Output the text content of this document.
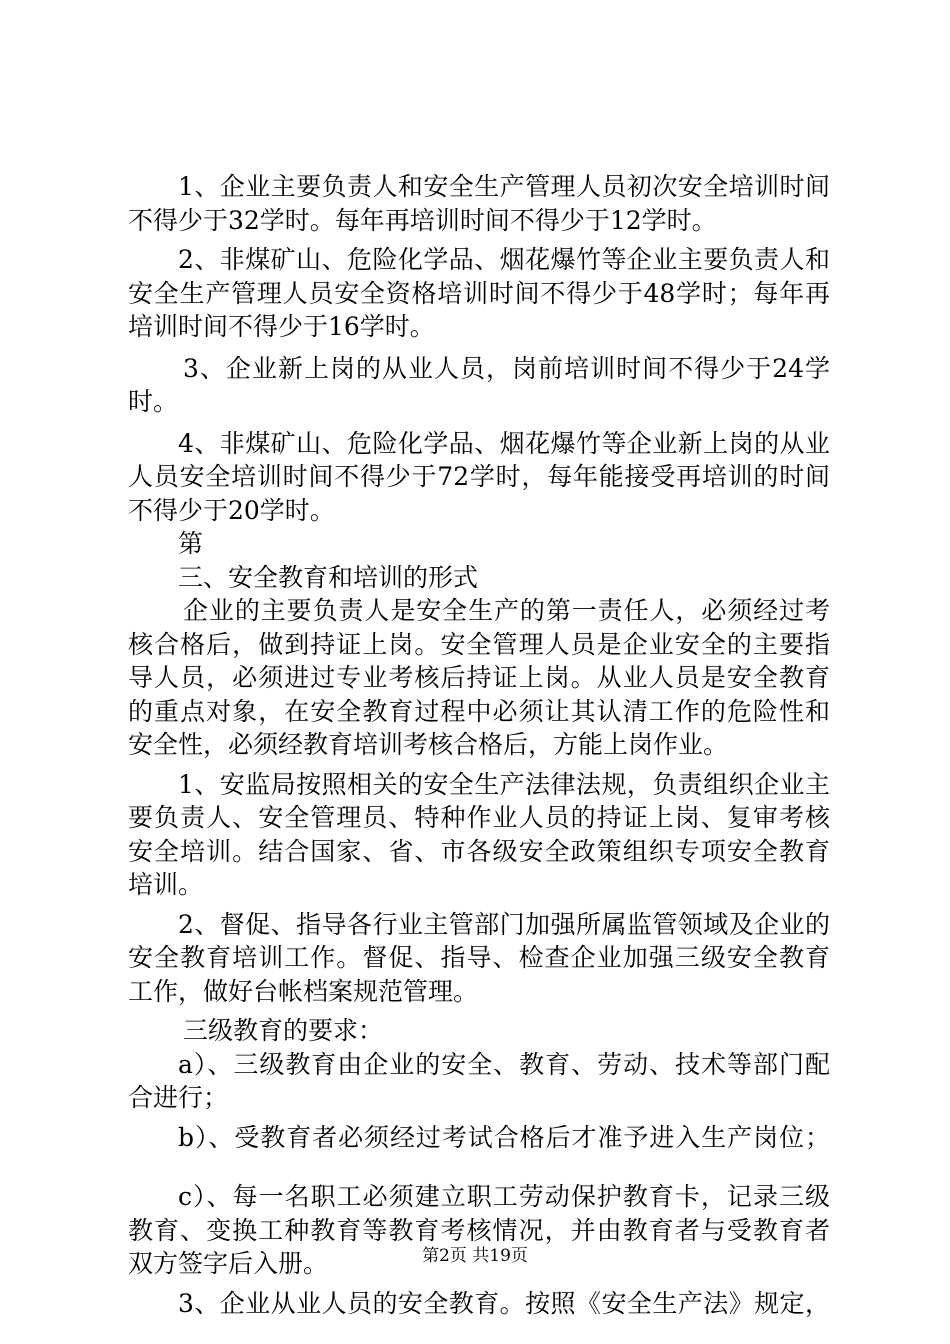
1、企业主要负责人和安全生产管理人员初次安全培训时间
不得少于32学时。每年再培训时间不得少于12学时。
2、非煤矿山、危险化学品、烟花爆竹等企业主要负责人和
安全生产管理人员安全资格培训时间不得少于48学时；每年再
培训时间不得少于16学时。
3、企业新上岗的从业人员，岗前培训时间不得少于24学
时。
4、非煤矿山、危险化学品、烟花爆竹等企业新上岗的从业
人员安全培训时间不得少于72学时，每年能接受再培训的时间
不得少于20学时。
第
三、安全教育和培训的形式
企业的主要负责人是安全生产的第一责任人，必须经过考
核合格后，做到持证上岗。安全管理人员是企业安全的主要指
导人员，必须进过专业考核后持证上岗。从业人员是安全教育
的重点对象，在安全教育过程中必须让其认清工作的危险性和
安全性，必须经教育培训考核合格后，方能上岗作业。
1、安监局按照相关的安全生产法律法规，负责组织企业主
要负责人、安全管理员、特种作业人员的持证上岗、复审考核
安全培训。结合国家、省、市各级安全政策组织专项安全教育
培训。
2、督促、指导各行业主管部门加强所属监管领域及企业的
安全教育培训工作。督促、指导、检查企业加强三级安全教育
工作，做好台帐档案规范管理。
三级教育的要求：
a）、三级教育由企业的安全、教育、劳动、技术等部门配
合进行；
b）、受教育者必须经过考试合格后才准予进入生产岗位；
c）、每一名职工必须建立职工劳动保护教育卡，记录三级
教育、变换工种教育等教育考核情况，并由教育者与受教育者
双方签字后入册。
3、企业从业人员的安全教育。按照《安全生产法》规定，
第2页 共19页
